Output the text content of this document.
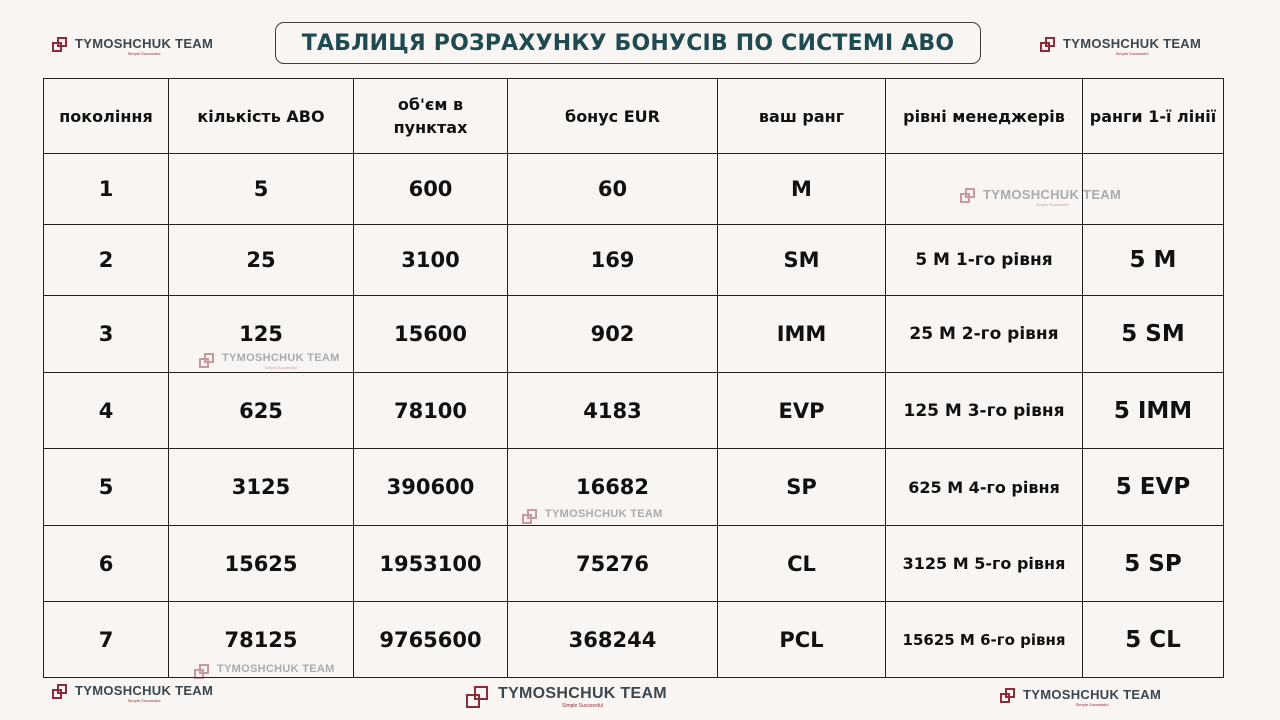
ТАБЛИЦЯ РОЗРАХУНКУ БОНУСІВ ПО СИСТЕМІ АВО
TYMOSHCHUK TEAM
Simple Successful
TYMOSHCHUK TEAM
Simple Successful
покоління	кількість АВО	об'єм в пунктах	бонус EUR	ваш ранг	рівні менеджерів	ранги 1-ї лінії
1	5	600	60	M		
2	25	3100	169	SM	5 M 1-го рівня	5 M
3	125	15600	902	IMM	25 M 2-го рівня	5 SM
4	625	78100	4183	EVP	125 M 3-го рівня	5 IMM
5	3125	390600	16682	SP	625 M 4-го рівня	5 EVP
6	15625	1953100	75276	CL	3125 M 5-го рівня	5 SP
7	78125	9765600	368244	PCL	15625 M 6-го рівня	5 CL
TYMOSHCHUK TEAM
Simple Successful
TYMOSHCHUK TEAM
Simple Successful
TYMOSHCHUK TEAM
TYMOSHCHUK TEAM
TYMOSHCHUK TEAM
Simple Successful	TYMOSHCHUK TEAM
Simple Successful
TYMOSHCHUK TEAM
Simple Successful
